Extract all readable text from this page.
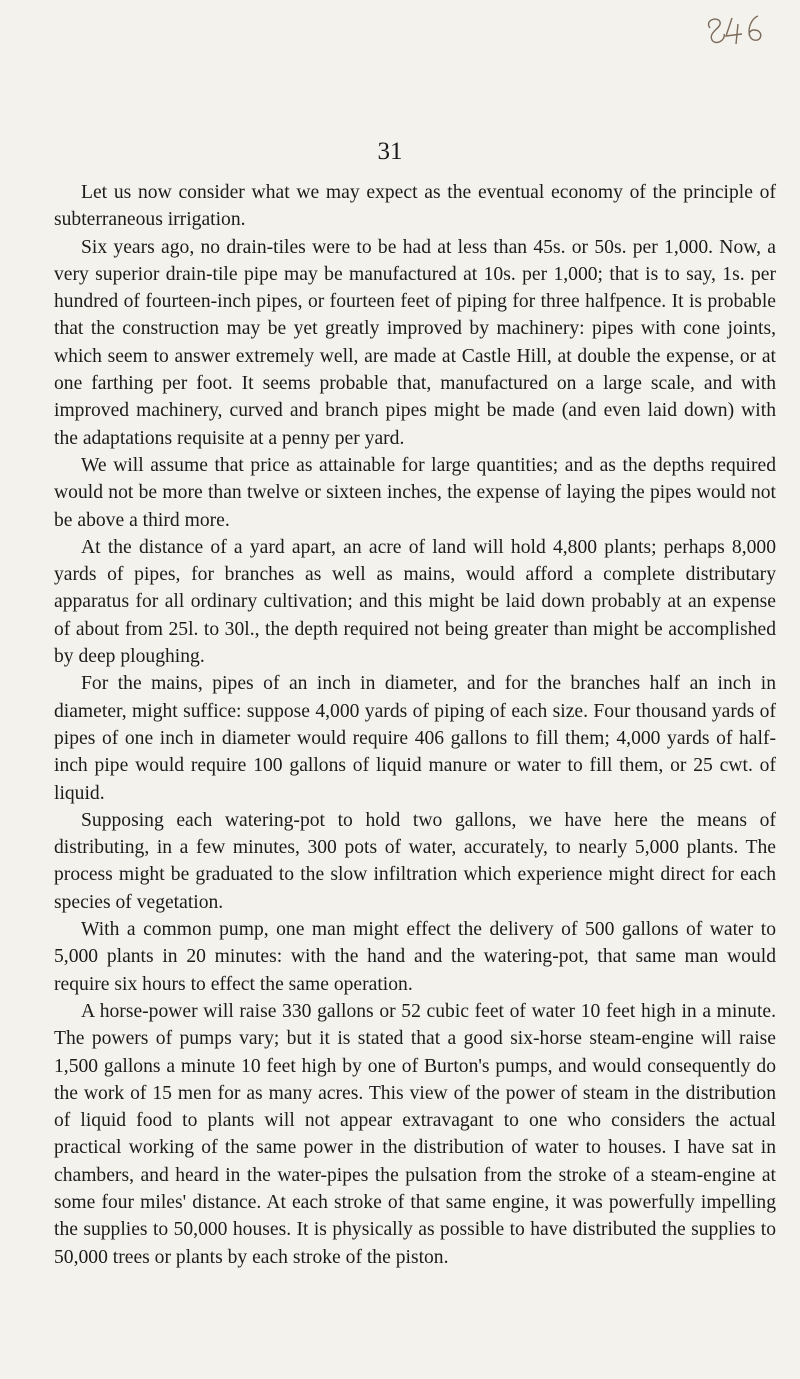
31

Let us now consider what we may expect as the eventual economy of the principle of subterraneous irrigation.

Six years ago, no drain-tiles were to be had at less than 45s. or 50s. per 1,000. Now, a very superior drain-tile pipe may be manufactured at 10s. per 1,000; that is to say, 1s. per hundred of fourteen-inch pipes, or fourteen feet of piping for three halfpence. It is probable that the construction may be yet greatly improved by machinery: pipes with cone joints, which seem to answer extremely well, are made at Castle Hill, at double the expense, or at one farthing per foot. It seems probable that, manufactured on a large scale, and with improved machinery, curved and branch pipes might be made (and even laid down) with the adaptations requisite at a penny per yard.

We will assume that price as attainable for large quantities; and as the depths required would not be more than twelve or sixteen inches, the expense of laying the pipes would not be above a third more.

At the distance of a yard apart, an acre of land will hold 4,800 plants; perhaps 8,000 yards of pipes, for branches as well as mains, would afford a complete distributary apparatus for all ordinary cultivation; and this might be laid down probably at an expense of about from 25l. to 30l., the depth required not being greater than might be accomplished by deep ploughing.

For the mains, pipes of an inch in diameter, and for the branches half an inch in diameter, might suffice: suppose 4,000 yards of piping of each size. Four thousand yards of pipes of one inch in diameter would require 406 gallons to fill them; 4,000 yards of half-inch pipe would require 100 gallons of liquid manure or water to fill them, or 25 cwt. of liquid.

Supposing each watering-pot to hold two gallons, we have here the means of distributing, in a few minutes, 300 pots of water, accurately, to nearly 5,000 plants. The process might be graduated to the slow infiltration which experience might direct for each species of vegetation.

With a common pump, one man might effect the delivery of 500 gallons of water to 5,000 plants in 20 minutes: with the hand and the watering-pot, that same man would require six hours to effect the same operation.

A horse-power will raise 330 gallons or 52 cubic feet of water 10 feet high in a minute. The powers of pumps vary; but it is stated that a good six-horse steam-engine will raise 1,500 gallons a minute 10 feet high by one of Burton's pumps, and would consequently do the work of 15 men for as many acres. This view of the power of steam in the distribution of liquid food to plants will not appear extravagant to one who considers the actual practical working of the same power in the distribution of water to houses. I have sat in chambers, and heard in the water-pipes the pulsation from the stroke of a steam-engine at some four miles' distance. At each stroke of that same engine, it was powerfully impelling the supplies to 50,000 houses. It is physically as possible to have distributed the supplies to 50,000 trees or plants by each stroke of the piston.
